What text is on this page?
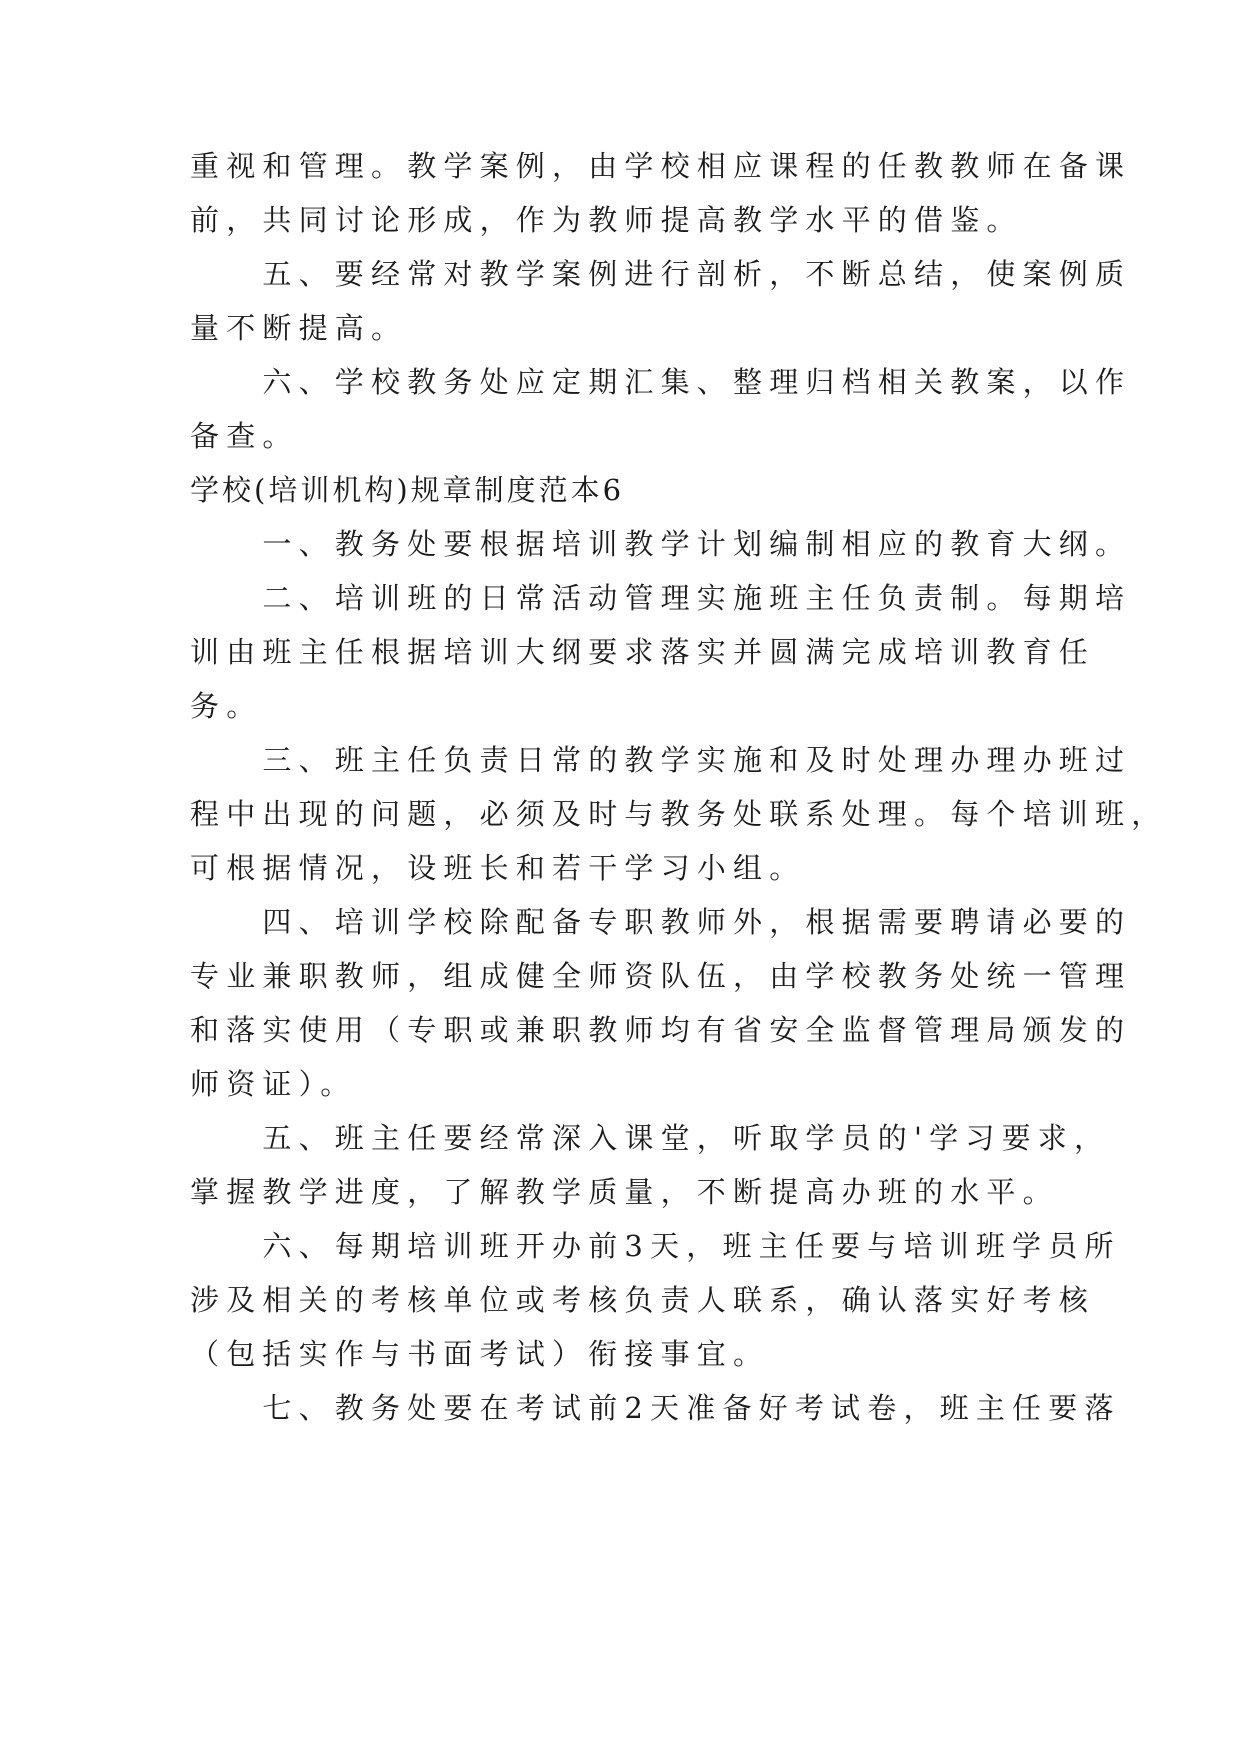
重视和管理。教学案例，由学校相应课程的任教教师在备课
前，共同讨论形成，作为教师提高教学水平的借鉴。
　　五、要经常对教学案例进行剖析，不断总结，使案例质
量不断提高。
　　六、学校教务处应定期汇集、整理归档相关教案，以作
备查。
学校(培训机构)规章制度范本6
　　一、教务处要根据培训教学计划编制相应的教育大纲。
　　二、培训班的日常活动管理实施班主任负责制。每期培
训由班主任根据培训大纲要求落实并圆满完成培训教育任
务。
　　三、班主任负责日常的教学实施和及时处理办理办班过
程中出现的问题，必须及时与教务处联系处理。每个培训班，
可根据情况，设班长和若干学习小组。
　　四、培训学校除配备专职教师外，根据需要聘请必要的
专业兼职教师，组成健全师资队伍，由学校教务处统一管理
和落实使用（专职或兼职教师均有省安全监督管理局颁发的
师资证）。
　　五、班主任要经常深入课堂，听取学员的'学习要求，
掌握教学进度，了解教学质量，不断提高办班的水平。
　　六、每期培训班开办前3天，班主任要与培训班学员所
涉及相关的考核单位或考核负责人联系，确认落实好考核
（包括实作与书面考试）衔接事宜。
　　七、教务处要在考试前2天准备好考试卷，班主任要落
